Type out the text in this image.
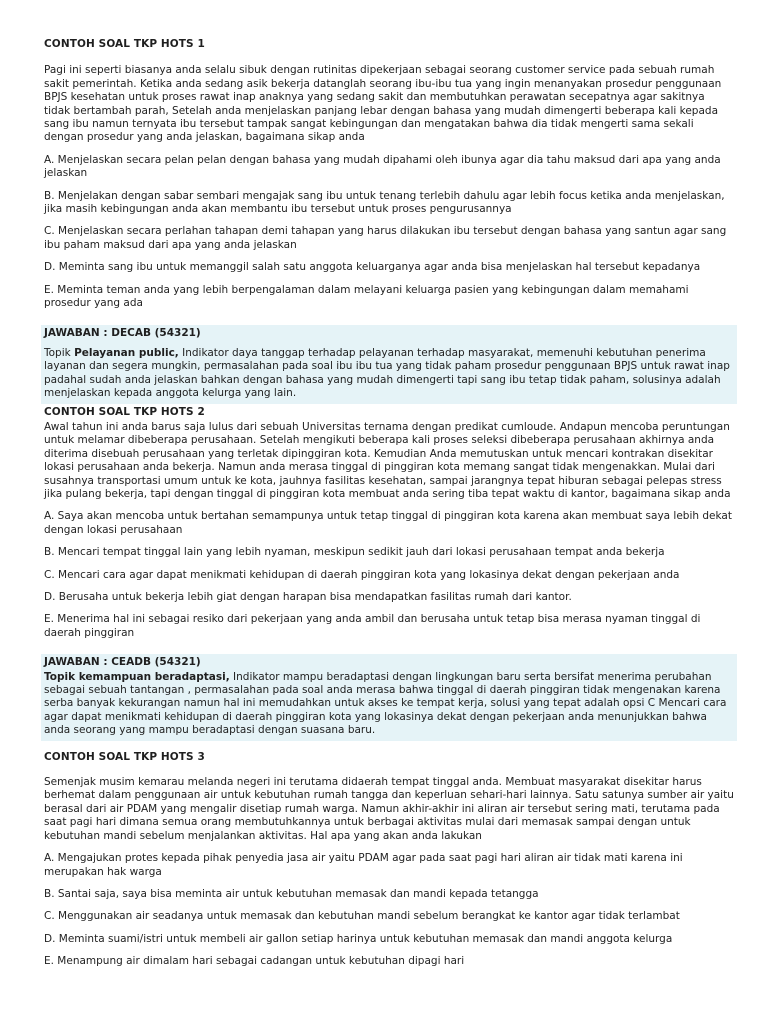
CONTOH SOAL TKP HOTS 1

Pagi ini seperti biasanya anda selalu sibuk dengan rutinitas dipekerjaan sebagai seorang customer service pada sebuah rumah sakit pemerintah. Ketika anda sedang asik bekerja datanglah seorang ibu-ibu tua yang ingin menanyakan prosedur penggunaan BPJS kesehatan untuk proses rawat inap anaknya yang sedang sakit dan membutuhkan perawatan secepatnya agar sakitnya tidak bertambah parah, Setelah anda menjelaskan panjang lebar dengan bahasa yang mudah dimengerti beberapa kali kepada sang ibu namun ternyata ibu tersebut tampak sangat kebingungan dan mengatakan bahwa dia tidak mengerti sama sekali dengan prosedur yang anda jelaskan, bagaimana sikap anda

A. Menjelaskan secara pelan pelan dengan bahasa yang mudah dipahami oleh ibunya agar dia tahu maksud dari apa yang anda jelaskan

B. Menjelakan dengan sabar sembari mengajak sang ibu untuk tenang terlebih dahulu agar lebih focus ketika anda menjelaskan, jika masih kebingungan anda akan membantu ibu tersebut untuk proses pengurusannya

C. Menjelaskan secara perlahan tahapan demi tahapan yang harus dilakukan ibu tersebut dengan bahasa yang santun agar sang ibu paham maksud dari apa yang anda jelaskan

D. Meminta sang ibu untuk memanggil salah satu anggota keluarganya agar anda bisa menjelaskan hal tersebut kepadanya

E. Meminta teman anda yang lebih berpengalaman dalam melayani keluarga pasien yang kebingungan dalam memahami prosedur yang ada

JAWABAN : DECAB (54321)

Topik Pelayanan public, Indikator daya tanggap terhadap pelayanan terhadap masyarakat, memenuhi kebutuhan penerima layanan dan segera mungkin, permasalahan pada soal ibu ibu tua yang tidak paham prosedur penggunaan BPJS untuk rawat inap padahal sudah anda jelaskan bahkan dengan bahasa yang mudah dimengerti tapi sang ibu tetap tidak paham, solusinya adalah menjelaskan kepada anggota kelurga yang lain.

CONTOH SOAL TKP HOTS 2

Awal tahun ini anda barus saja lulus dari sebuah Universitas ternama dengan predikat cumloude. Andapun mencoba peruntungan untuk melamar dibeberapa perusahaan. Setelah mengikuti beberapa kali proses seleksi dibeberapa perusahaan akhirnya anda diterima disebuah perusahaan yang terletak dipinggiran kota. Kemudian Anda memutuskan untuk mencari kontrakan disekitar lokasi perusahaan anda bekerja. Namun anda merasa tinggal di pinggiran kota memang sangat tidak mengenakkan. Mulai dari susahnya transportasi umum untuk ke kota, jauhnya fasilitas kesehatan, sampai jarangnya tepat hiburan sebagai pelepas stress jika pulang bekerja, tapi dengan tinggal di pinggiran kota membuat anda sering tiba tepat waktu di kantor, bagaimana sikap anda

A. Saya akan mencoba untuk bertahan semampunya untuk tetap tinggal di pinggiran kota karena akan membuat saya lebih dekat dengan lokasi perusahaan

B. Mencari tempat tinggal lain yang lebih nyaman, meskipun sedikit jauh dari lokasi perusahaan tempat anda bekerja

C. Mencari cara agar dapat menikmati kehidupan di daerah pinggiran kota yang lokasinya dekat dengan pekerjaan anda

D. Berusaha untuk bekerja lebih giat dengan harapan bisa mendapatkan fasilitas rumah dari kantor.

E. Menerima hal ini sebagai resiko dari pekerjaan yang anda ambil dan berusaha untuk tetap bisa merasa nyaman tinggal di daerah pinggiran

JAWABAN : CEADB (54321)

Topik kemampuan beradaptasi, Indikator mampu beradaptasi dengan lingkungan baru serta bersifat menerima perubahan sebagai sebuah tantangan , permasalahan pada soal anda merasa bahwa tinggal di daerah pinggiran tidak mengenakan karena serba banyak kekurangan namun hal ini memudahkan untuk akses ke tempat kerja, solusi yang tepat adalah opsi C Mencari cara agar dapat menikmati kehidupan di daerah pinggiran kota yang lokasinya dekat dengan pekerjaan anda menunjukkan bahwa anda seorang yang mampu beradaptasi dengan suasana baru.

CONTOH SOAL TKP HOTS 3

Semenjak musim kemarau melanda negeri ini terutama didaerah tempat tinggal anda. Membuat masyarakat disekitar harus berhemat dalam penggunaan air untuk kebutuhan rumah tangga dan keperluan sehari-hari lainnya. Satu satunya sumber air yaitu berasal dari air PDAM yang mengalir disetiap rumah warga. Namun akhir-akhir ini aliran air tersebut sering mati, terutama pada saat pagi hari dimana semua orang membutuhkannya untuk berbagai aktivitas mulai dari memasak sampai dengan untuk kebutuhan mandi sebelum menjalankan aktivitas. Hal apa yang akan anda lakukan

A. Mengajukan protes kepada pihak penyedia jasa air yaitu PDAM agar pada saat pagi hari aliran air tidak mati karena ini merupakan hak warga

B. Santai saja, saya bisa meminta air untuk kebutuhan memasak dan mandi kepada tetangga

C. Menggunakan air seadanya untuk memasak dan kebutuhan mandi sebelum berangkat ke kantor agar tidak terlambat

D. Meminta suami/istri untuk membeli air gallon setiap harinya untuk kebutuhan memasak dan mandi anggota kelurga

E. Menampung air dimalam hari sebagai cadangan untuk kebutuhan dipagi hari
